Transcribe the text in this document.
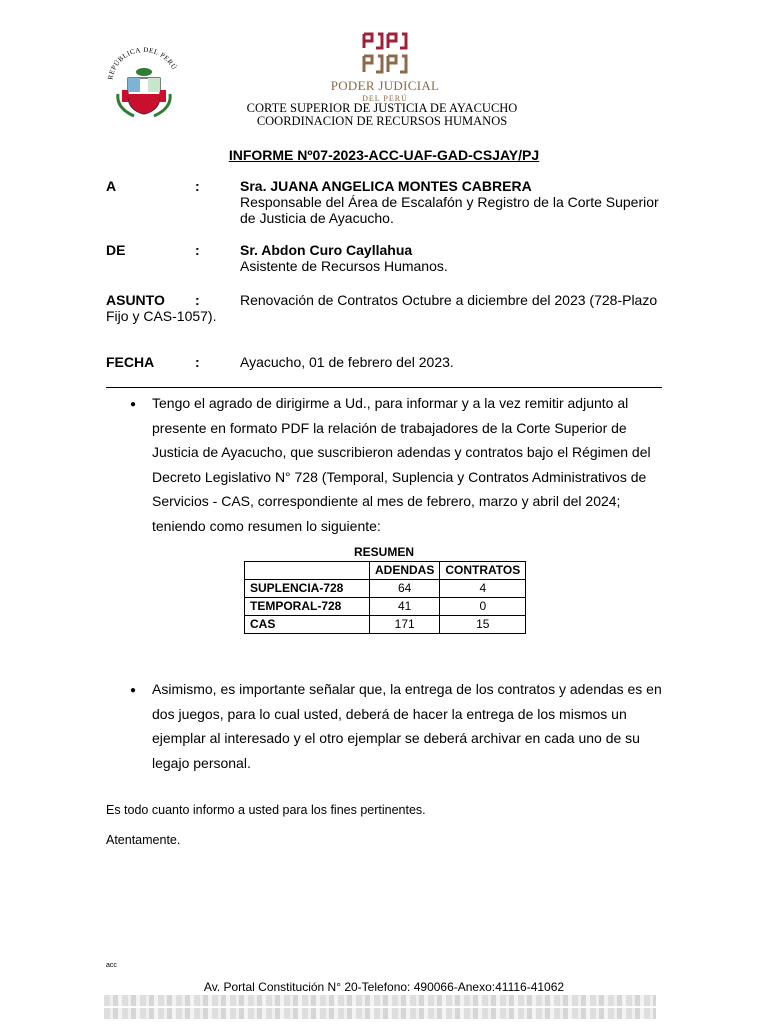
REPÚBLICA DEL PERÚ
PODER JUDICIAL
DEL PERÚ
CORTE SUPERIOR DE JUSTICIA DE AYACUCHO
COORDINACION DE RECURSOS HUMANOS
INFORME Nº07-2023-ACC-UAF-GAD-CSJAY/PJ
A	:	Sra. JUANA ANGELICA MONTES CABRERA
Responsable del Área de Escalafón y Registro de la Corte Superior
de Justicia de Ayacucho.
DE	:	Sr. Abdon Curo Cayllahua
Asistente de Recursos Humanos.
ASUNTO :	Renovación de Contratos Octubre a diciembre del 2023 (728-Plazo
Fijo y CAS-1057).
FECHA	:	Ayacucho, 01 de febrero del 2023.
● Tengo el agrado de dirigirme a Ud., para informar y a la vez remitir adjunto al
presente en formato PDF la relación de trabajadores de la Corte Superior de
Justicia de Ayacucho, que suscribieron adendas y contratos bajo el Régimen del
Decreto Legislativo N° 728 (Temporal, Suplencia y Contratos Administrativos de
Servicios - CAS, correspondiente al mes de febrero, marzo y abril del 2024;
teniendo como resumen lo siguiente:
RESUMEN
	ADENDAS	CONTRATOS
SUPLENCIA-728	64	4
TEMPORAL-728	41	0
CAS	171	15
● Asimismo, es importante señalar que, la entrega de los contratos y adendas es en
dos juegos, para lo cual usted, deberá de hacer la entrega de los mismos un
ejemplar al interesado y el otro ejemplar se deberá archivar en cada uno de su
legajo personal.
Es todo cuanto informo a usted para los fines pertinentes.
Atentamente.
acc
Av. Portal Constitución N° 20-Telefono: 490066-Anexo:41116-41062
